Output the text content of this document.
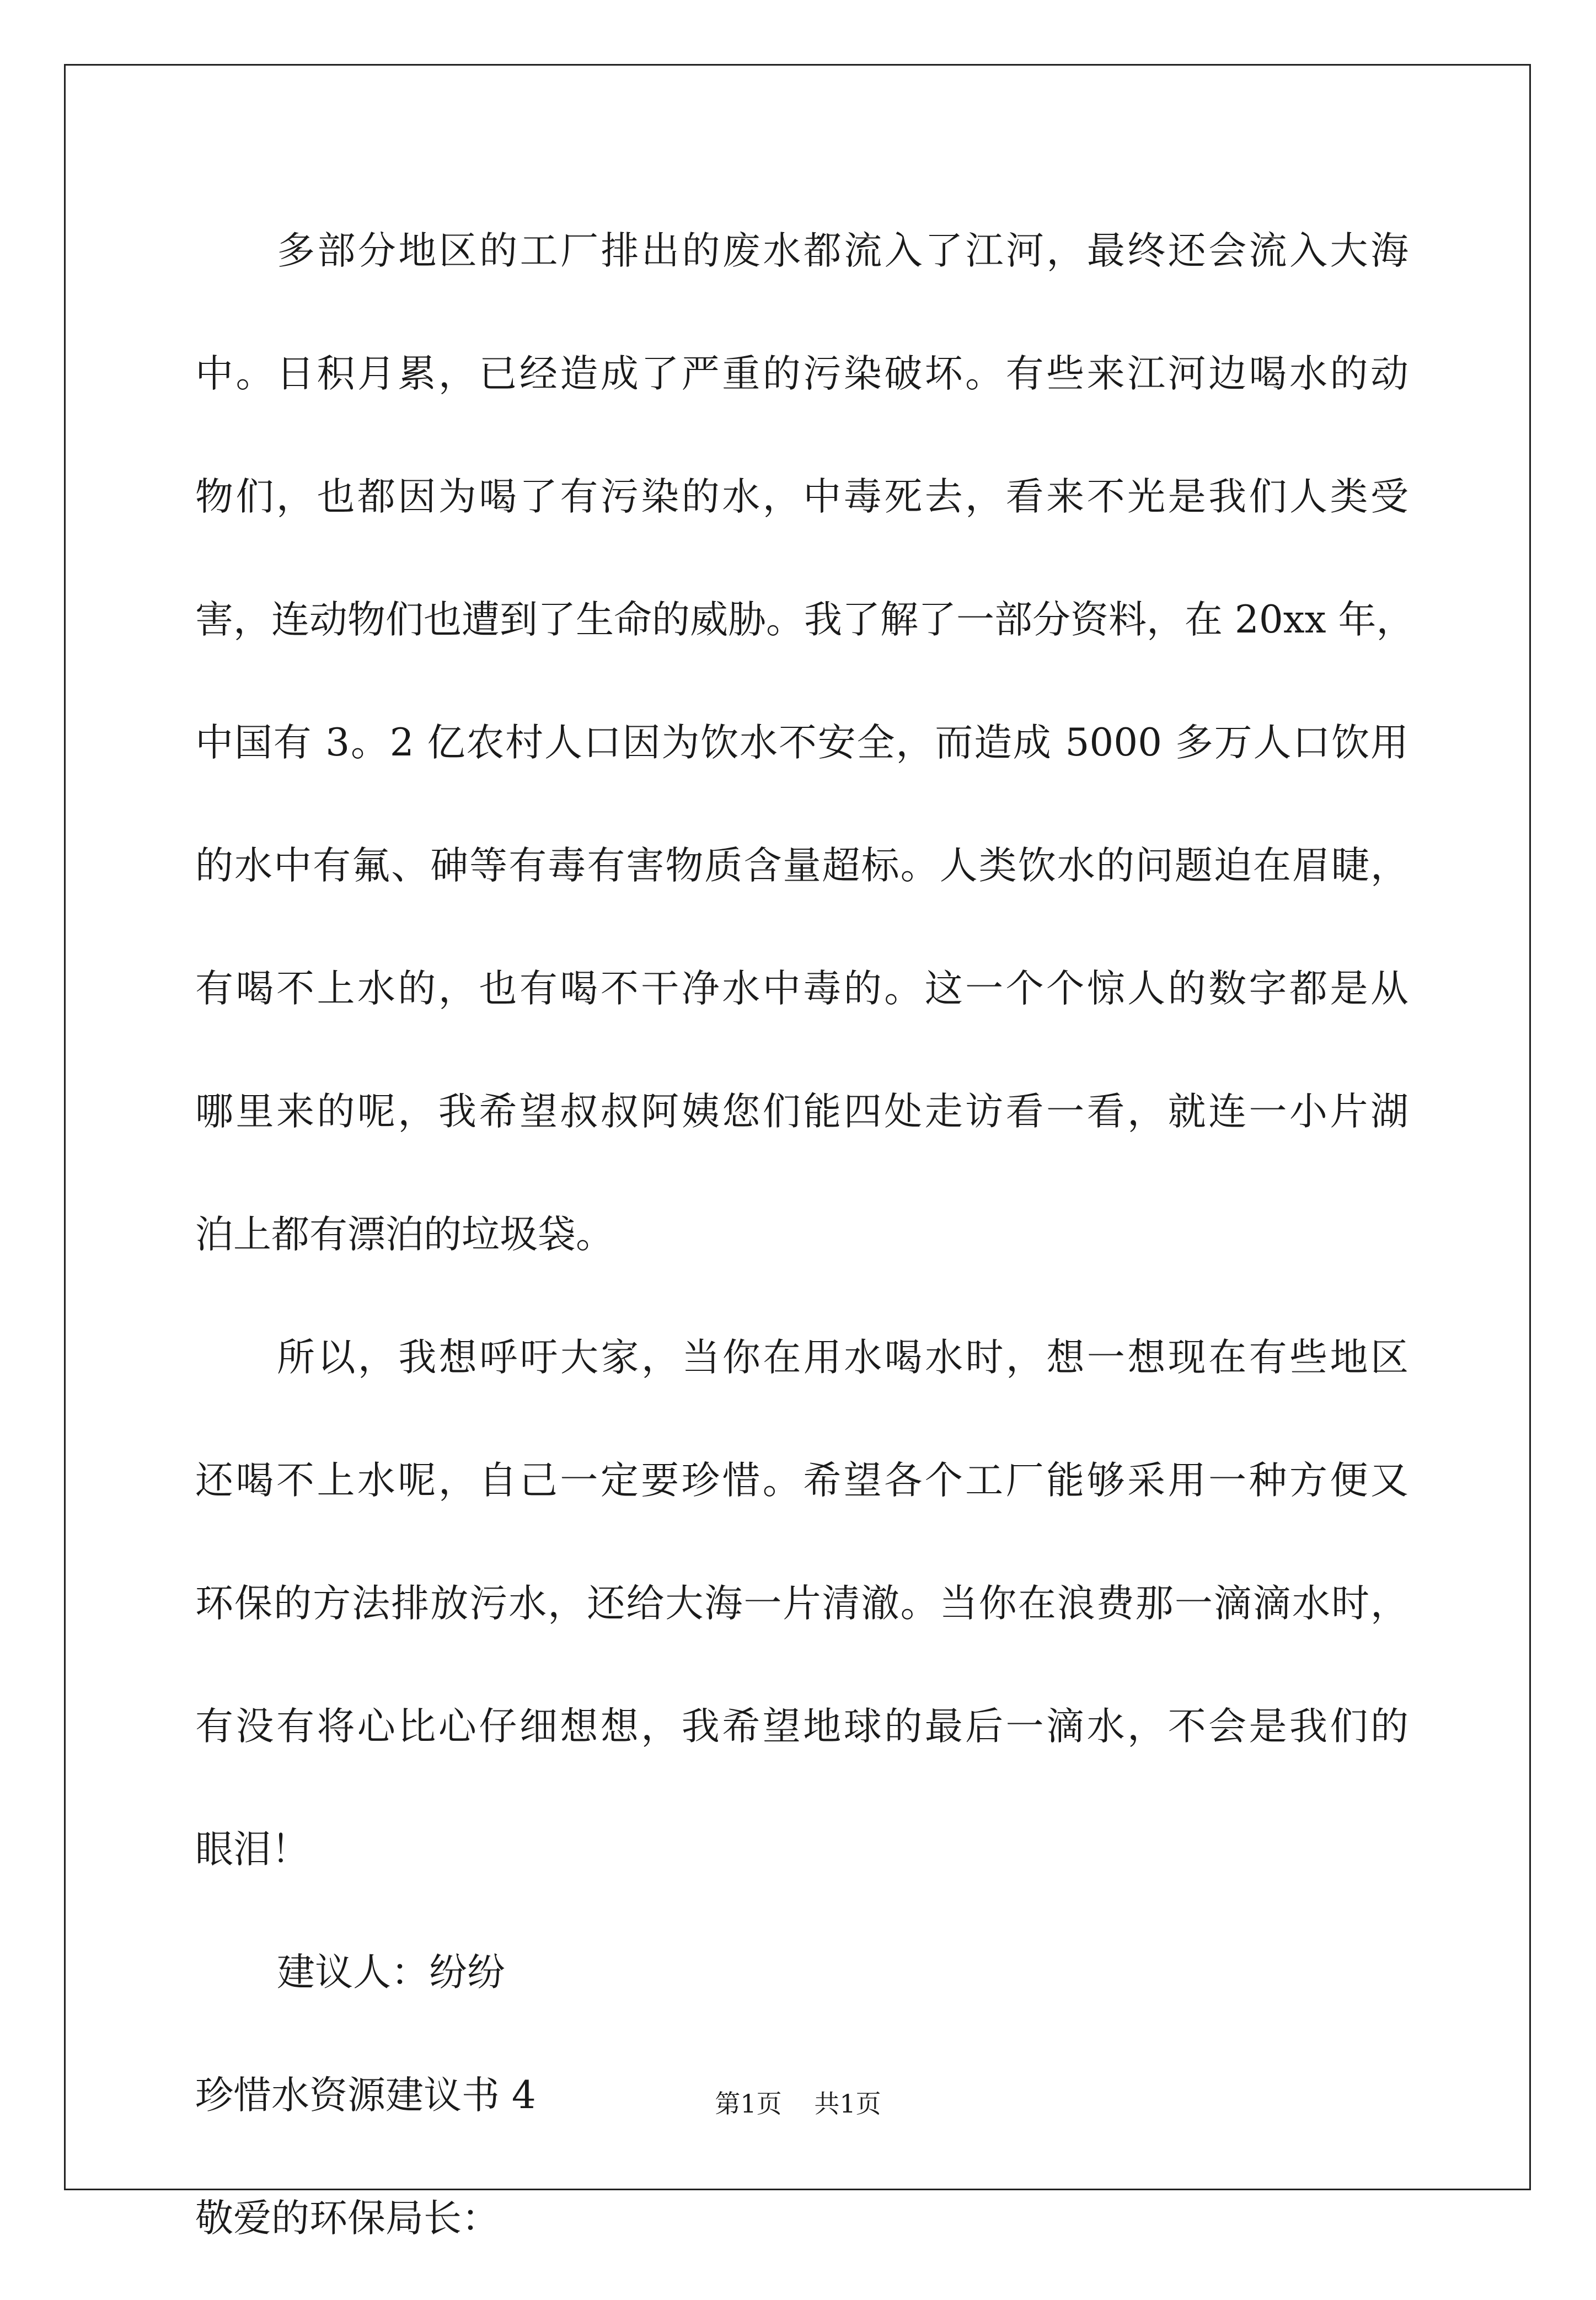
多部分地区的工厂排出的废水都流入了江河，最终还会流入大海
中。日积月累，已经造成了严重的污染破坏。有些来江河边喝水的动
物们，也都因为喝了有污染的水，中毒死去，看来不光是我们人类受
害，连动物们也遭到了生命的威胁。我了解了一部分资料，在 20xx 年，
中国有 3。2 亿农村人口因为饮水不安全，而造成 5000 多万人口饮用
的水中有氟、砷等有毒有害物质含量超标。人类饮水的问题迫在眉睫，
有喝不上水的，也有喝不干净水中毒的。这一个个惊人的数字都是从
哪里来的呢，我希望叔叔阿姨您们能四处走访看一看，就连一小片湖
泊上都有漂泊的垃圾袋。
所以，我想呼吁大家，当你在用水喝水时，想一想现在有些地区
还喝不上水呢，自己一定要珍惜。希望各个工厂能够采用一种方便又
环保的方法排放污水，还给大海一片清澈。当你在浪费那一滴滴水时，
有没有将心比心仔细想想，我希望地球的最后一滴水，不会是我们的
眼泪！
建议人：纷纷
珍惜水资源建议书 4
敬爱的环保局长：
第1页 共1页
